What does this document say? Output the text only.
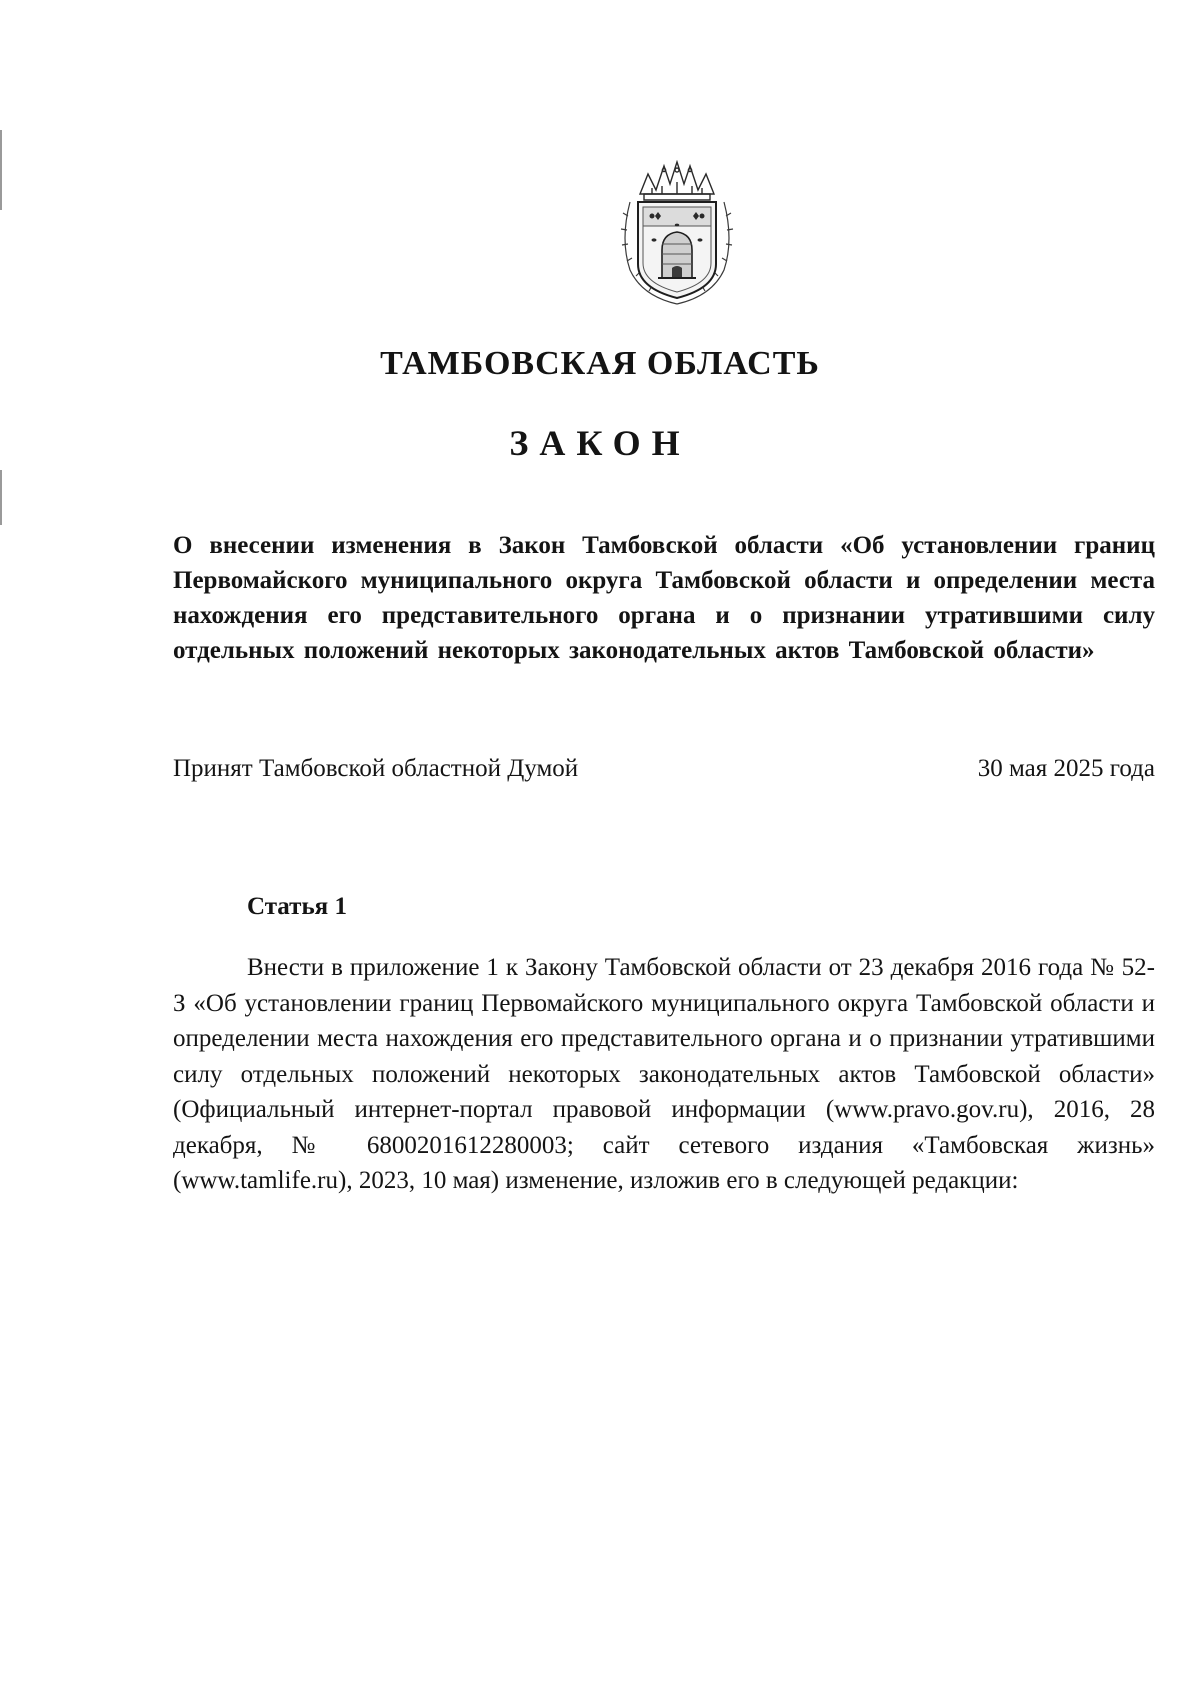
ТАМБОВСКАЯ ОБЛАСТЬ
ЗАКОН

О внесении изменения в Закон Тамбовской области «Об установлении границ Первомайского муниципального округа Тамбовской области и определении места нахождения его представительного органа и о признании утратившими силу отдельных положений некоторых законодательных актов Тамбовской области»

Принят Тамбовской областной Думой	30 мая 2025 года
Статья 1

Внести в приложение 1 к Закону Тамбовской области от 23 декабря 2016 года № 52-З «Об установлении границ Первомайского муниципального округа Тамбовской области и определении места нахождения его представительного органа и о признании утратившими силу отдельных положений некоторых законодательных актов Тамбовской области» (Официальный интернет-портал правовой информации (www.pravo.gov.ru), 2016, 28 декабря, № 6800201612280003; сайт сетевого издания «Тамбовская жизнь» (www.tamlife.ru), 2023, 10 мая) изменение, изложив его в следующей редакции:
